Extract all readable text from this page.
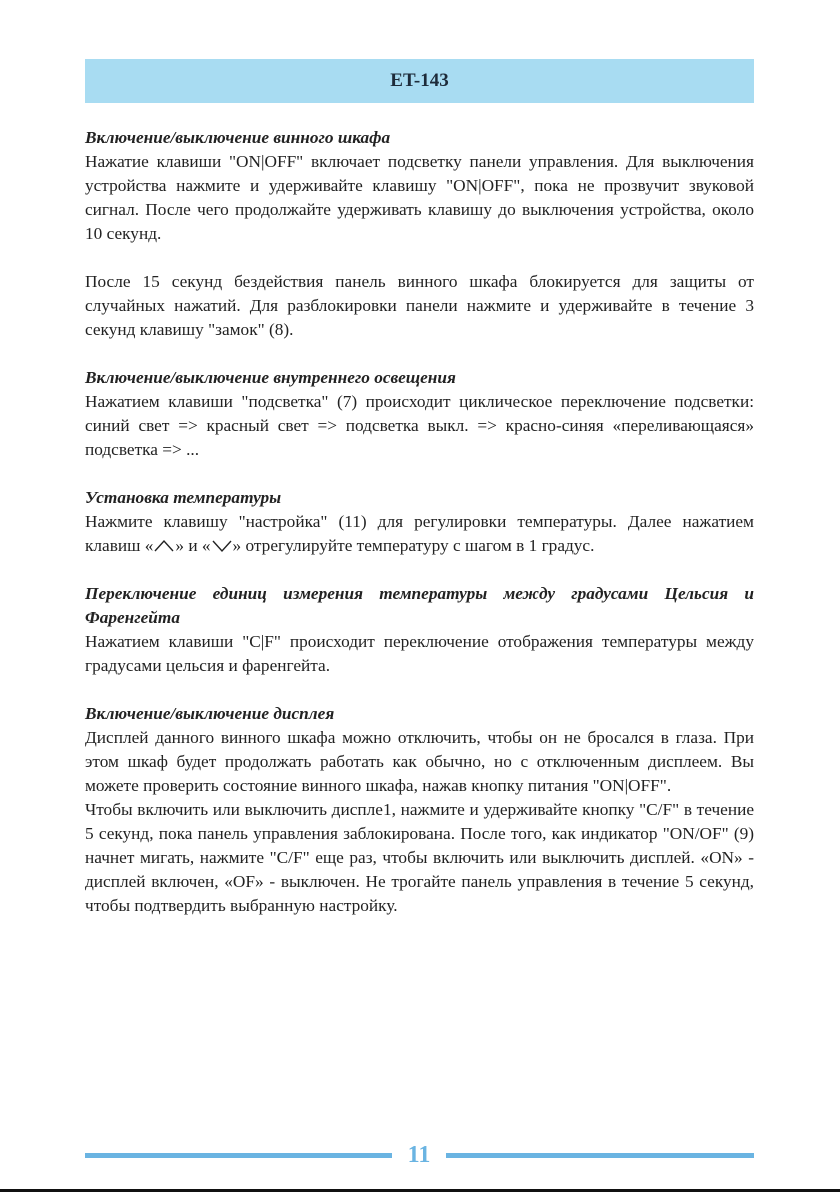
ET-143

Включение/выключение винного шкафа

Нажатие клавиши "ON|OFF" включает подсветку панели управления. Для выключения устройства нажмите и удерживайте клавишу "ON|OFF", пока не прозвучит звуковой сигнал. После чего продолжайте удерживать клавишу до выключения устройства, около 10 секунд.

После 15 секунд бездействия панель винного шкафа блокируется для защиты от случайных нажатий. Для разблокировки панели нажмите и удерживайте в течение 3 секунд клавишу "замок" (8).

Включение/выключение внутреннего освещения

Нажатием клавиши "подсветка" (7) происходит циклическое переключение подсветки: синий свет => красный свет => подсветка выкл. => красно-синяя «переливающаяся» подсветка => ...

Установка температуры

Нажмите клавишу "настройка" (11) для регулировки температуры. Далее нажатием клавиш « » и « » отрегулируйте температуру с шагом в 1 градус.

Переключение единиц измерения температуры между градусами Цельсия и Фаренгейта

Нажатием клавиши "C|F" происходит переключение отображения температуры между градусами цельсия и фаренгейта.

Включение/выключение дисплея

Дисплей данного винного шкафа можно отключить, чтобы он не бросался в глаза. При этом шкаф будет продолжать работать как обычно, но с отключенным дисплеем. Вы можете проверить состояние винного шкафа, нажав кнопку питания "ON|OFF".

Чтобы включить или выключить диспле1, нажмите и удерживайте кнопку "C/F" в течение 5 секунд, пока панель управления заблокирована. После того, как индикатор "ON/OF" (9) начнет мигать, нажмите "C/F" еще раз, чтобы включить или выключить дисплей. «ON» - дисплей включен, «OF» - выключен. Не трогайте панель управления в течение 5 секунд, чтобы подтвердить выбранную настройку.

11
